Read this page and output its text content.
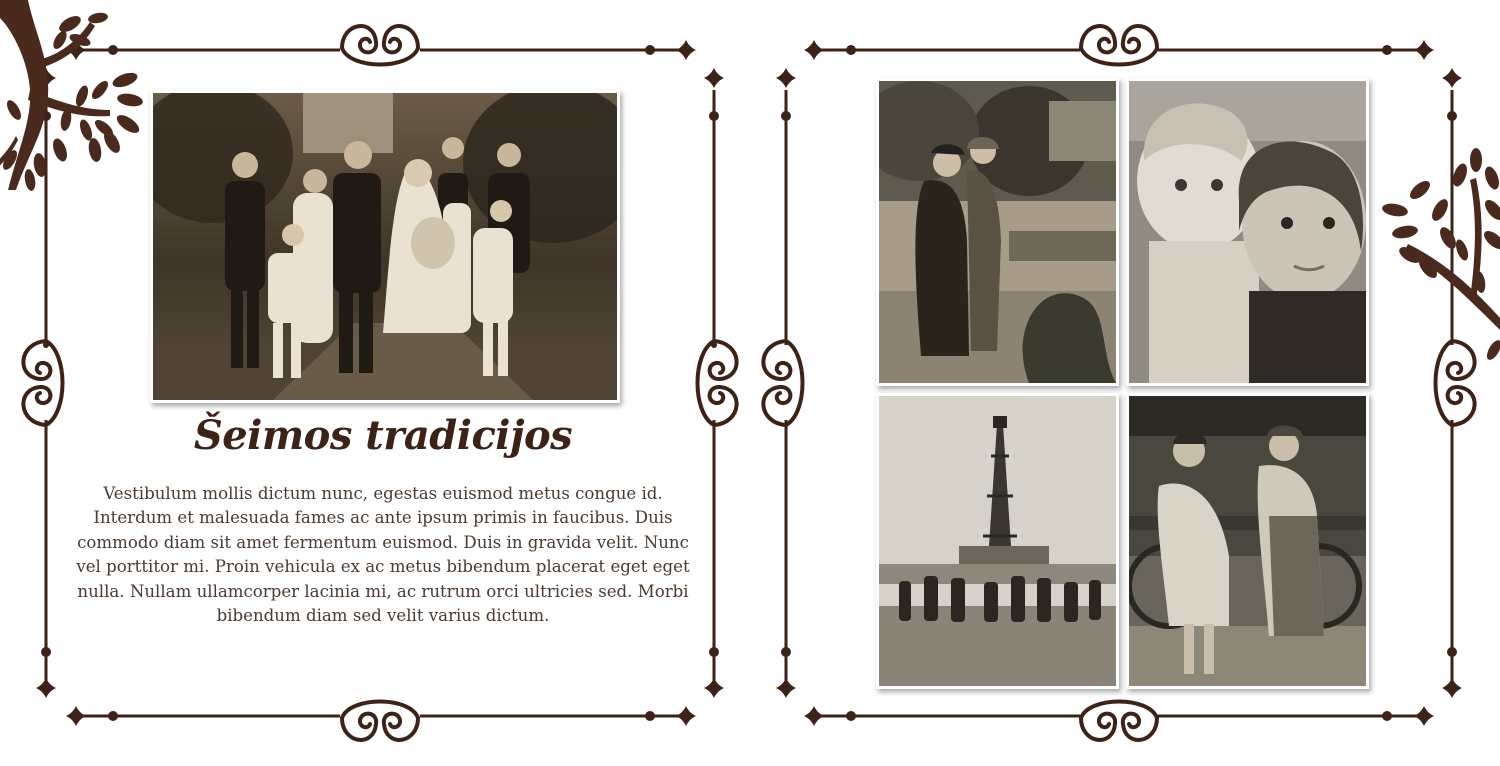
Šeimos tradicijos
Vestibulum mollis dictum nunc, egestas euismod metus congue id. Interdum et malesuada fames ac ante ipsum primis in faucibus. Duis commodo diam sit amet fermentum euismod. Duis in gravida velit. Nunc vel porttitor mi. Proin vehicula ex ac metus bibendum placerat eget eget nulla. Nullam ullamcorper lacinia mi, ac rutrum orci ultricies sed. Morbi bibendum diam sed velit varius dictum.
